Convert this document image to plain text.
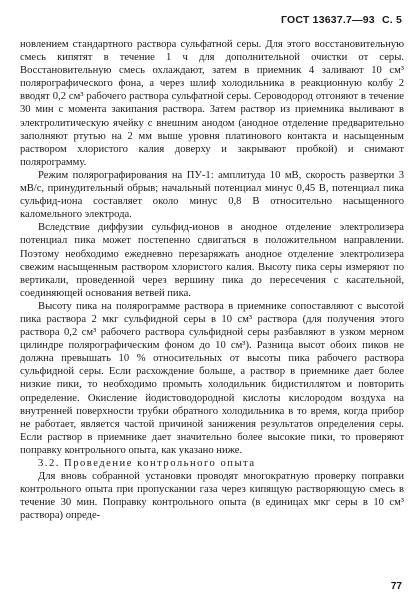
ГОСТ 13637.7—93 С. 5

новлением стандартного раствора сульфатной серы. Для этого восстановительную смесь кипятят в течение 1 ч для дополнительной очистки от серы. Восстановительную смесь охлаждают, затем в приемник 4 заливают 10 см³ полярографического фона, а через шлиф холодильника в реакционную колбу 2 вводят 0,2 см³ рабочего раствора сульфатной серы. Сероводород отгоняют в течение 30 мин с момента закипания раствора. Затем раствор из приемника выливают в электролитическую ячейку с внешним анодом (анодное отделение предварительно заполняют ртутью на 2 мм выше уровня платинового контакта и насыщенным раствором хлористого калия доверху и закрывают пробкой) и снимают полярограмму.

Режим полярографирования на ПУ-1: амплитуда 10 мВ, скорость развертки 3 мВ/с, принудительный обрыв; начальный потенциал минус 0,45 В, потенциал пика сульфид-иона составляет около минус 0,8 В относительно насыщенного каломельного электрода.

Вследствие диффузии сульфид-ионов в анодное отделение электролизера потенциал пика может постепенно сдвигаться в положительном направлении. Поэтому необходимо ежедневно перезаряжать анодное отделение электролизера свежим насыщенным раствором хлористого калия. Высоту пика серы измеряют по вертикали, проведенной через вершину пика до пересечения с касательной, соединяющей основания ветвей пика.

Высоту пика на полярограмме раствора в приемнике сопоставляют с высотой пика раствора 2 мкг сульфидной серы в 10 см³ раствора (для получения этого раствора 0,2 см³ рабочего раствора сульфидной серы разбавляют в узком мерном цилиндре полярографическим фоном до 10 см³). Разница высот обоих пиков не должна превышать 10 % относительных от высоты пика рабочего раствора сульфидной серы. Если расхождение больше, а раствор в приемнике дает более низкие пики, то необходимо промыть холодильник бидистиллятом и повторить определение. Окисление йодистоводородной кислоты кислородом воздуха на внутренней поверхности трубки обратного холодильника в то время, когда прибор не работает, является частой причиной занижения результатов определения серы. Если раствор в приемнике дает значительно более высокие пики, то проверяют поправку контрольного опыта, как указано ниже.

3.2. Проведение контрольного опыта

Для вновь собранной установки проводят многократную проверку поправки контрольного опыта при пропускании газа через кипящую растворяющую смесь в течение 30 мин. Поправку контрольного опыта (в единицах мкг серы в 10 см³ раствора) опреде-

77
